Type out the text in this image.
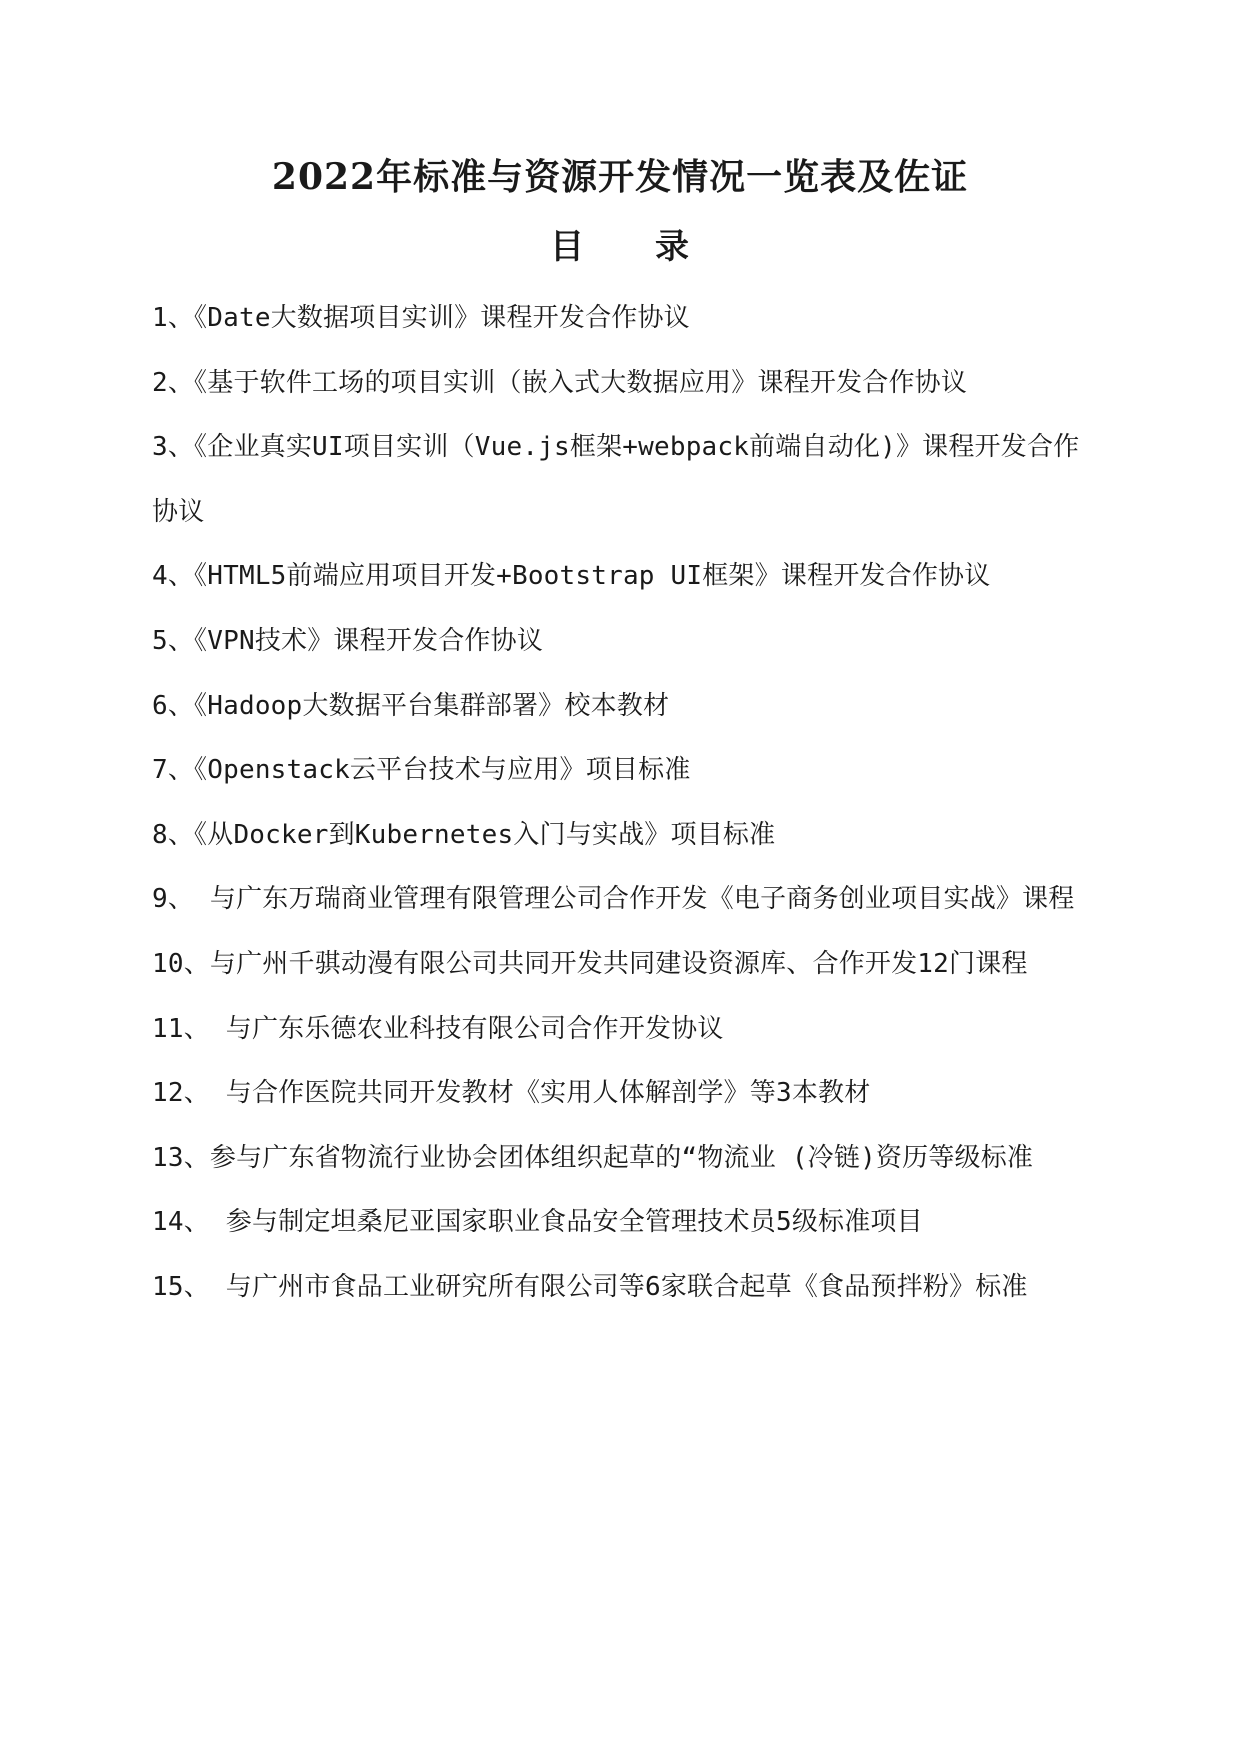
2022年标准与资源开发情况一览表及佐证
目　　录
1、《Date大数据项目实训》课程开发合作协议
2、《基于软件工场的项目实训（嵌入式大数据应用》课程开发合作协议
3、《企业真实UI项目实训（Vue.js框架+webpack前端自动化)》课程开发合作协议
4、《HTML5前端应用项目开发+Bootstrap UI框架》课程开发合作协议
5、《VPN技术》课程开发合作协议
6、《Hadoop大数据平台集群部署》校本教材
7、《Openstack云平台技术与应用》项目标准
8、《从Docker到Kubernetes入门与实战》项目标准
9、 与广东万瑞商业管理有限管理公司合作开发《电子商务创业项目实战》课程
10、与广州千骐动漫有限公司共同开发共同建设资源库、合作开发12门课程
11、 与广东乐德农业科技有限公司合作开发协议
12、 与合作医院共同开发教材《实用人体解剖学》等3本教材
13、参与广东省物流行业协会团体组织起草的“物流业 (冷链)资历等级标准
14、 参与制定坦桑尼亚国家职业食品安全管理技术员5级标准项目
15、 与广州市食品工业研究所有限公司等6家联合起草《食品预拌粉》标准
